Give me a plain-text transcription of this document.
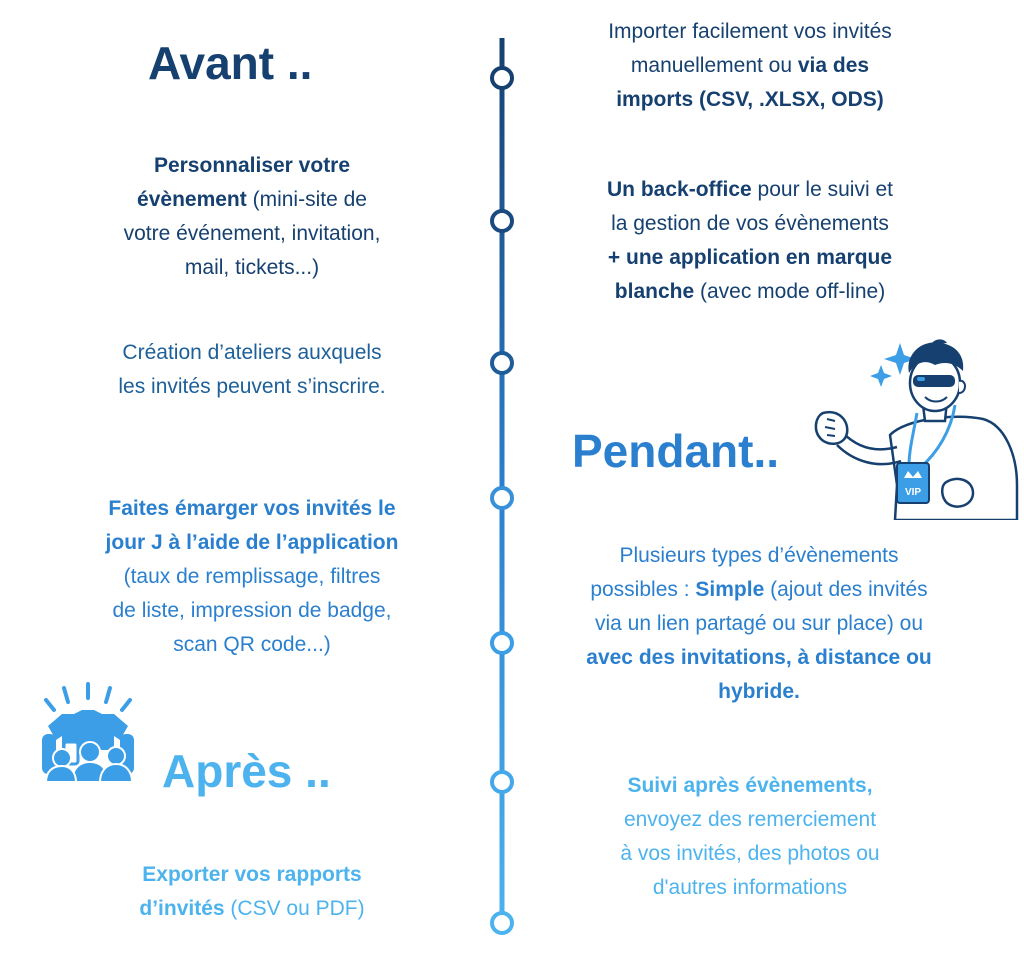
Avant ..
Pendant..
Après ..

Personnaliser votre
évènement (mini-site de
votre événement, invitation,
mail, tickets...)

Création d’ateliers auxquels
les invités peuvent s’inscrire.

Faites émarger vos invités le
jour J à l’aide de l’application
(taux de remplissage, filtres
de liste, impression de badge,
scan QR code...)

Exporter vos rapports
d’invités (CSV ou PDF)

Importer facilement vos invités
manuellement ou via des
imports (CSV, .XLSX, ODS)

Un back-office pour le suivi et
la gestion de vos évènements
+ une application en marque
blanche (avec mode off-line)

Plusieurs types d’évènements
possibles : Simple (ajout des invités
via un lien partagé ou sur place) ou
avec des invitations, à distance ou
hybride.

Suivi après évènements,
envoyez des remerciement
à vos invités, des photos ou
d'autres informations

VIP
